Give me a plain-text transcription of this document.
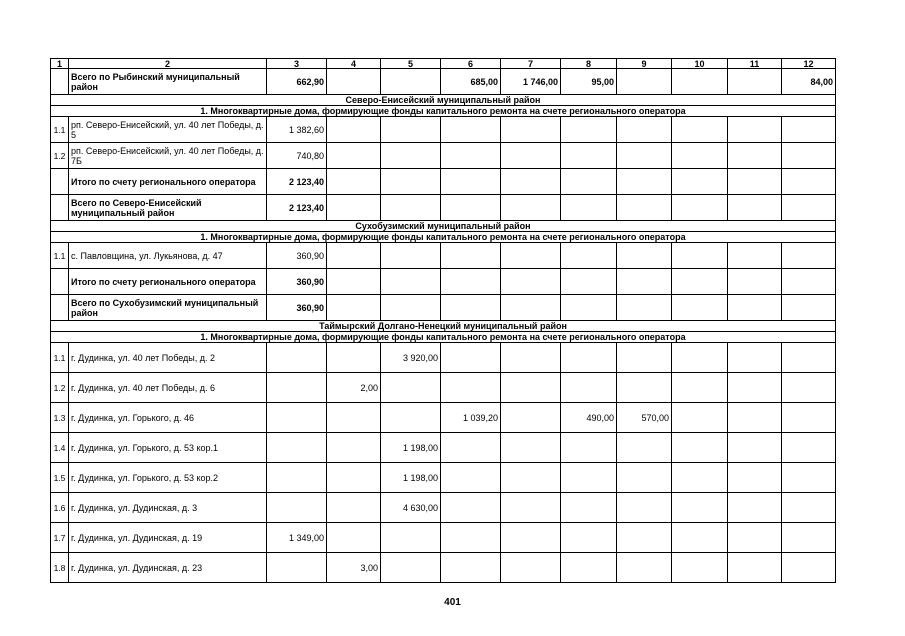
1	2	3	4	5	6	7	8	9	10	11	12
	Всего по Рыбинский муниципальный район	662,90			685,00	1 746,00	95,00				84,00
Северо-Енисейский муниципальный район											
1. Многоквартирные дома, формирующие фонды капитального ремонта на счете регионального оператора											
1.1	рп. Северо-Енисейский, ул. 40 лет Победы, д. 5	1 382,60									
1.2	рп. Северо-Енисейский, ул. 40 лет Победы, д. 7Б	740,80									
	Итого по счету регионального оператора	2 123,40									
	Всего по Северо-Енисейский муниципальный район	2 123,40									
Сухобузимский муниципальный район											
1. Многоквартирные дома, формирующие фонды капитального ремонта на счете регионального оператора											
1.1	с. Павловщина, ул. Лукьянова, д. 47	360,90									
	Итого по счету регионального оператора	360,90									
	Всего по Сухобузимский муниципальный район	360,90									
Таймырский Долгано-Ненецкий муниципальный район											
1. Многоквартирные дома, формирующие фонды капитального ремонта на счете регионального оператора											
1.1	г. Дудинка, ул. 40 лет Победы, д. 2			3 920,00							
1.2	г. Дудинка, ул. 40 лет Победы, д. 6		2,00								
1.3	г. Дудинка, ул. Горького, д. 46				1 039,20		490,00	570,00			
1.4	г. Дудинка, ул. Горького, д. 53 кор.1			1 198,00							
1.5	г. Дудинка, ул. Горького, д. 53 кор.2			1 198,00							
1.6	г. Дудинка, ул. Дудинская, д. 3			4 630,00							
1.7	г. Дудинка, ул. Дудинская, д. 19	1 349,00									
1.8	г. Дудинка, ул. Дудинская, д. 23		3,00								
401
